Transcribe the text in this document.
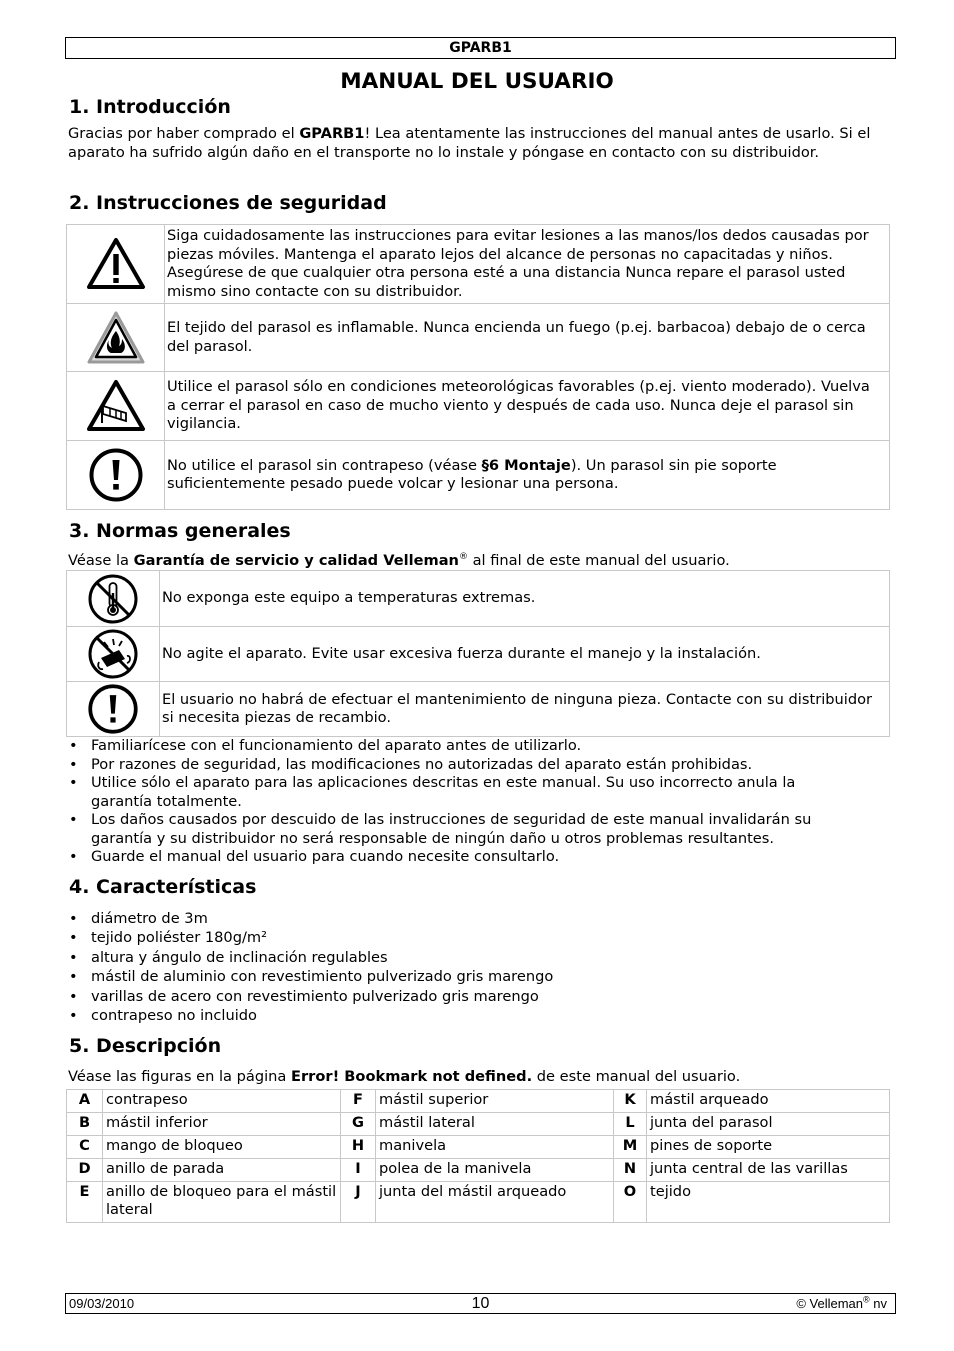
GPARB1
MANUAL DEL USUARIO
1. Introducción
Gracias por haber comprado el GPARB1! Lea atentamente las instrucciones del manual antes de usarlo. Si el aparato ha sufrido algún daño en el transporte no lo instale y póngase en contacto con su distribuidor.
2. Instrucciones de seguridad
	Siga cuidadosamente las instrucciones para evitar lesiones a las manos/los dedos causadas por piezas móviles. Mantenga el aparato lejos del alcance de personas no capacitadas y niños. Asegúrese de que cualquier otra persona esté a una distancia Nunca repare el parasol usted mismo sino contacte con su distribuidor.
	El tejido del parasol es inflamable. Nunca encienda un fuego (p.ej. barbacoa) debajo de o cerca del parasol.
	Utilice el parasol sólo en condiciones meteorológicas favorables (p.ej. viento moderado). Vuelva a cerrar el parasol en caso de mucho viento y después de cada uso. Nunca deje el parasol sin vigilancia.
	No utilice el parasol sin contrapeso (véase §6 Montaje). Un parasol sin pie soporte suficientemente pesado puede volcar y lesionar una persona.
3. Normas generales
Véase la Garantía de servicio y calidad Velleman® al final de este manual del usuario.
	No exponga este equipo a temperaturas extremas.
	No agite el aparato. Evite usar excesiva fuerza durante el manejo y la instalación.
	El usuario no habrá de efectuar el mantenimiento de ninguna pieza. Contacte con su distribuidor si necesita piezas de recambio.
• Familiarícese con el funcionamiento del aparato antes de utilizarlo.
• Por razones de seguridad, las modificaciones no autorizadas del aparato están prohibidas.
• Utilice sólo el aparato para las aplicaciones descritas en este manual. Su uso incorrecto anula la garantía totalmente.
• Los daños causados por descuido de las instrucciones de seguridad de este manual invalidarán su garantía y su distribuidor no será responsable de ningún daño u otros problemas resultantes.
• Guarde el manual del usuario para cuando necesite consultarlo.
4. Características
• diámetro de 3m
• tejido poliéster 180g/m²
• altura y ángulo de inclinación regulables
• mástil de aluminio con revestimiento pulverizado gris marengo
• varillas de acero con revestimiento pulverizado gris marengo
• contrapeso no incluido
5. Descripción
Véase las figuras en la página Error! Bookmark not defined. de este manual del usuario.
A	contrapeso	F	mástil superior	K	mástil arqueado
B	mástil inferior	G	mástil lateral	L	junta del parasol
C	mango de bloqueo	H	manivela	M	pines de soporte
D	anillo de parada	I	polea de la manivela	N	junta central de las varillas
E	anillo de bloqueo para el mástil lateral	J	junta del mástil arqueado	O	tejido
09/03/2010	10	© Velleman® nv
